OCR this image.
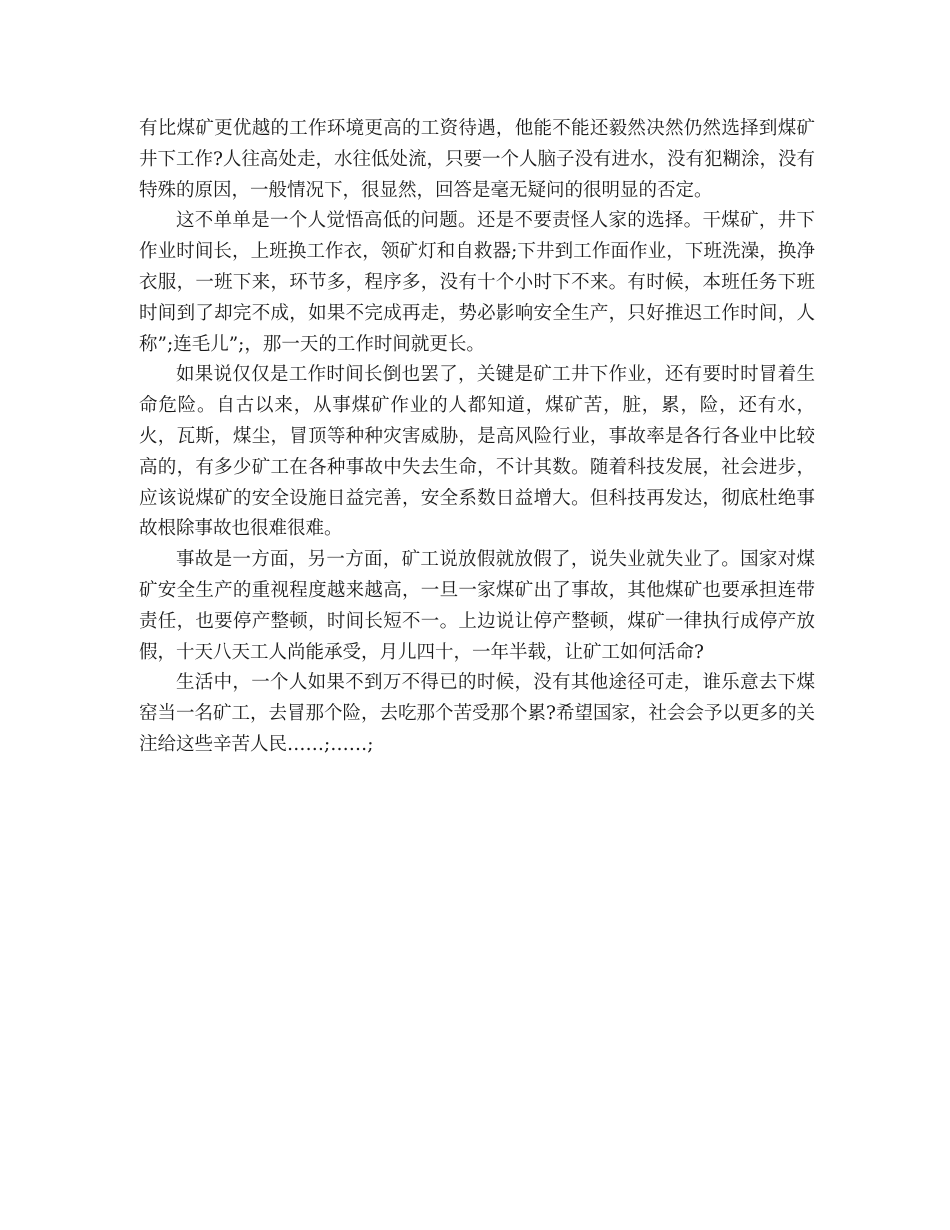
有比煤矿更优越的工作环境更高的工资待遇，他能不能还毅然决然仍然选择到煤矿井下工作?人往高处走，水往低处流，只要一个人脑子没有进水，没有犯糊涂，没有特殊的原因，一般情况下，很显然，回答是毫无疑问的很明显的否定。

这不单单是一个人觉悟高低的问题。还是不要责怪人家的选择。干煤矿，井下作业时间长，上班换工作衣，领矿灯和自救器;下井到工作面作业，下班洗澡，换净衣服，一班下来，环节多，程序多，没有十个小时下不来。有时候，本班任务下班时间到了却完不成，如果不完成再走，势必影响安全生产，只好推迟工作时间，人称”;连毛儿”;，那一天的工作时间就更长。

如果说仅仅是工作时间长倒也罢了，关键是矿工井下作业，还有要时时冒着生命危险。自古以来，从事煤矿作业的人都知道，煤矿苦，脏，累，险，还有水，火，瓦斯，煤尘，冒顶等种种灾害威胁，是高风险行业，事故率是各行各业中比较高的，有多少矿工在各种事故中失去生命，不计其数。随着科技发展，社会进步，应该说煤矿的安全设施日益完善，安全系数日益增大。但科技再发达，彻底杜绝事故根除事故也很难很难。

事故是一方面，另一方面，矿工说放假就放假了，说失业就失业了。国家对煤矿安全生产的重视程度越来越高，一旦一家煤矿出了事故，其他煤矿也要承担连带责任，也要停产整顿，时间长短不一。上边说让停产整顿，煤矿一律执行成停产放假，十天八天工人尚能承受，月儿四十，一年半载，让矿工如何活命?

生活中，一个人如果不到万不得已的时候，没有其他途径可走，谁乐意去下煤窑当一名矿工，去冒那个险，去吃那个苦受那个累?希望国家，社会会予以更多的关注给这些辛苦人民……;……;
